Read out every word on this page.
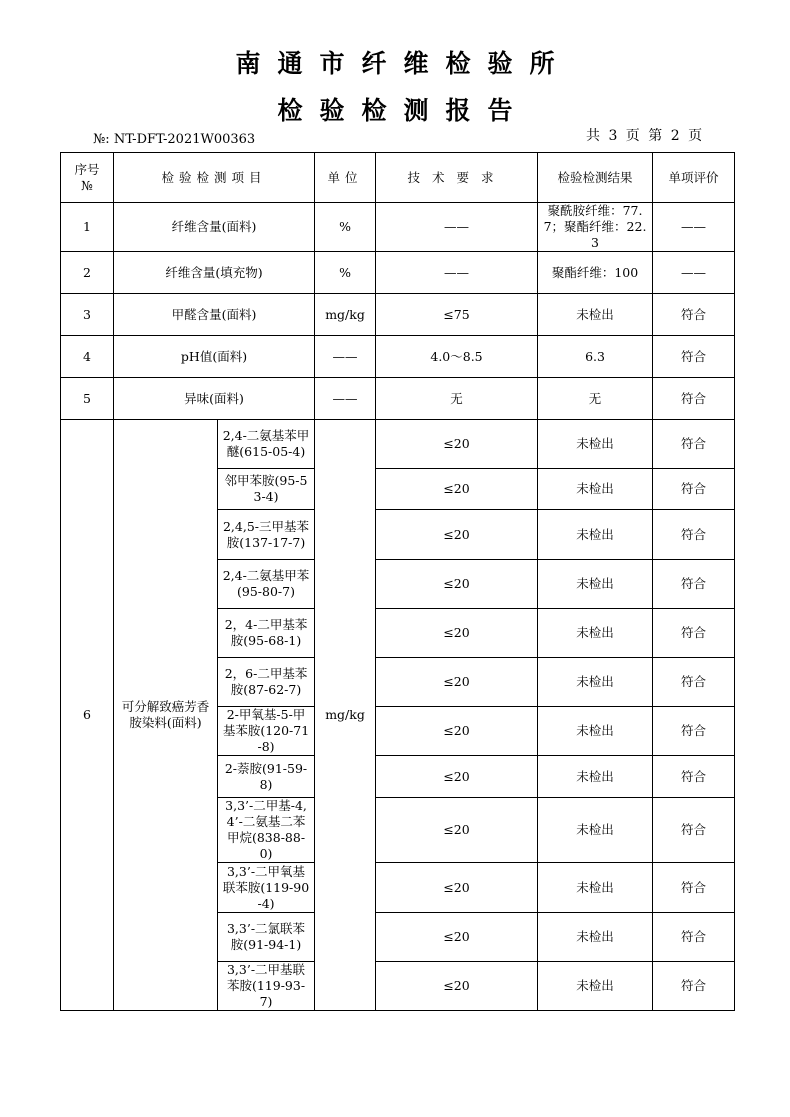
南通市纤维检验所
检验检测报告
№: NT-DFT-2021W00363	共 3 页 第 2 页
序号
№	检验检测项目		单位	技术要求	检验检测结果	单项评价
1	纤维含量(面料)		%	——	聚酰胺纤维：77.7；聚酯纤维：22.3	——
2	纤维含量(填充物)		%	——	聚酯纤维：100	——
3	甲醛含量(面料)		mg/kg	≤75	未检出	符合
4	pH值(面料)		——	4.0～8.5	6.3	符合
5	异味(面料)		——	无	无	符合
6	可分解致癌芳香胺染料(面料)	2,4-二氨基苯甲醚(615-05-4)	mg/kg	≤20	未检出	符合
		邻甲苯胺(95-53-4)		≤20	未检出	符合
		2,4,5-三甲基苯胺(137-17-7)		≤20	未检出	符合
		2,4-二氨基甲苯(95-80-7)		≤20	未检出	符合
		2，4-二甲基苯胺(95-68-1)		≤20	未检出	符合
		2，6-二甲基苯胺(87-62-7)		≤20	未检出	符合
		2-甲氧基-5-甲基苯胺(120-71-8)		≤20	未检出	符合
		2-萘胺(91-59-8)		≤20	未检出	符合
		3,3’-二甲基-4,4’-二氨基二苯甲烷(838-88-0)		≤20	未检出	符合
		3,3’-二甲氧基联苯胺(119-90-4)		≤20	未检出	符合
		3,3’-二氯联苯胺(91-94-1)		≤20	未检出	符合
		3,3’-二甲基联苯胺(119-93-7)		≤20	未检出	符合
